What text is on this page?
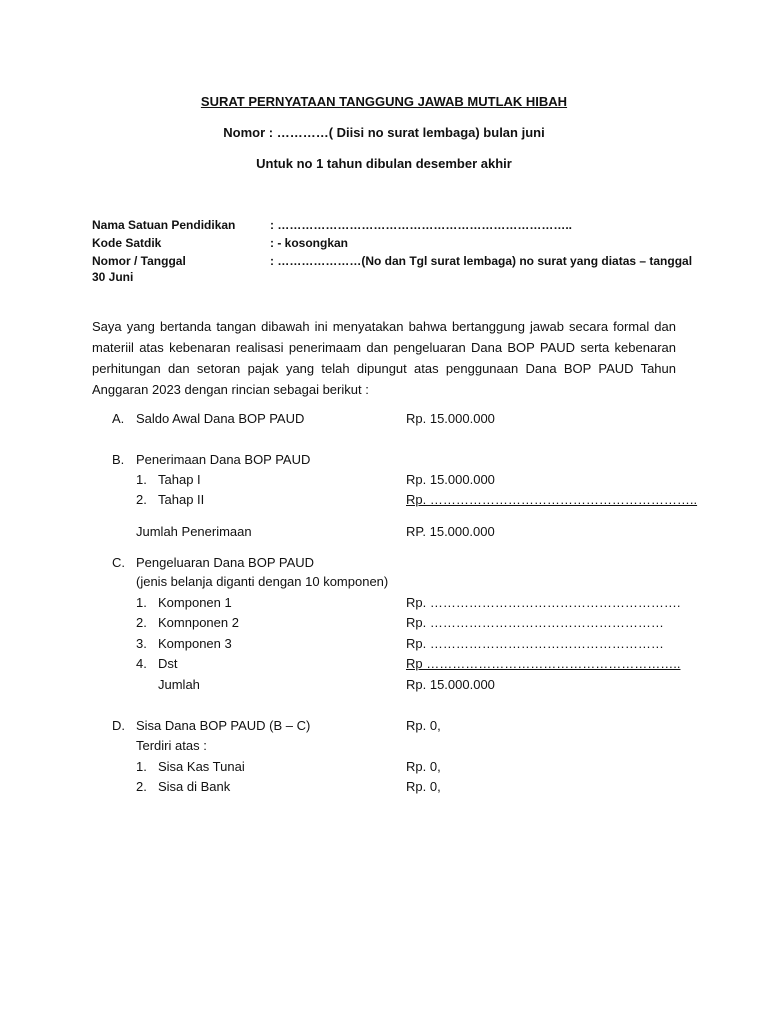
SURAT PERNYATAAN TANGGUNG JAWAB MUTLAK HIBAH
Nomor : …………( Diisi no surat lembaga) bulan juni
Untuk no 1 tahun dibulan desember akhir
Nama Satuan Pendidikan	: ………………………………………………………………..
Kode Satdik	: - kosongkan
Nomor / Tanggal	: …………………(No dan Tgl surat lembaga) no surat yang diatas – tanggal
30 Juni
Saya yang bertanda tangan dibawah ini menyatakan bahwa bertanggung jawab secara formal dan materiil atas kebenaran realisasi penerimaam dan pengeluaran Dana BOP PAUD serta kebenaran perhitungan dan setoran pajak yang telah dipungut atas penggunaan Dana BOP PAUD Tahun Anggaran 2023 dengan rincian sebagai berikut :
A. Saldo Awal Dana BOP PAUD	Rp. 15.000.000
B. Penerimaan Dana BOP PAUD
1. Tahap I	Rp. 15.000.000
2. Tahap II	Rp. ……………………………………………………..
Jumlah Penerimaan	RP. 15.000.000
C. Pengeluaran Dana BOP PAUD
(jenis belanja diganti dengan 10 komponen)
1. Komponen 1	Rp. ………………………………………………….
2. Komnponen 2	Rp. ………………………………………………
3. Komponen 3	Rp. ………………………………………………
4. Dst	Rp …………………………………………………..
Jumlah	Rp. 15.000.000
D. Sisa Dana BOP PAUD (B – C)	Rp. 0,
Terdiri atas :
1. Sisa Kas Tunai	Rp. 0,
2. Sisa di Bank	Rp. 0,
